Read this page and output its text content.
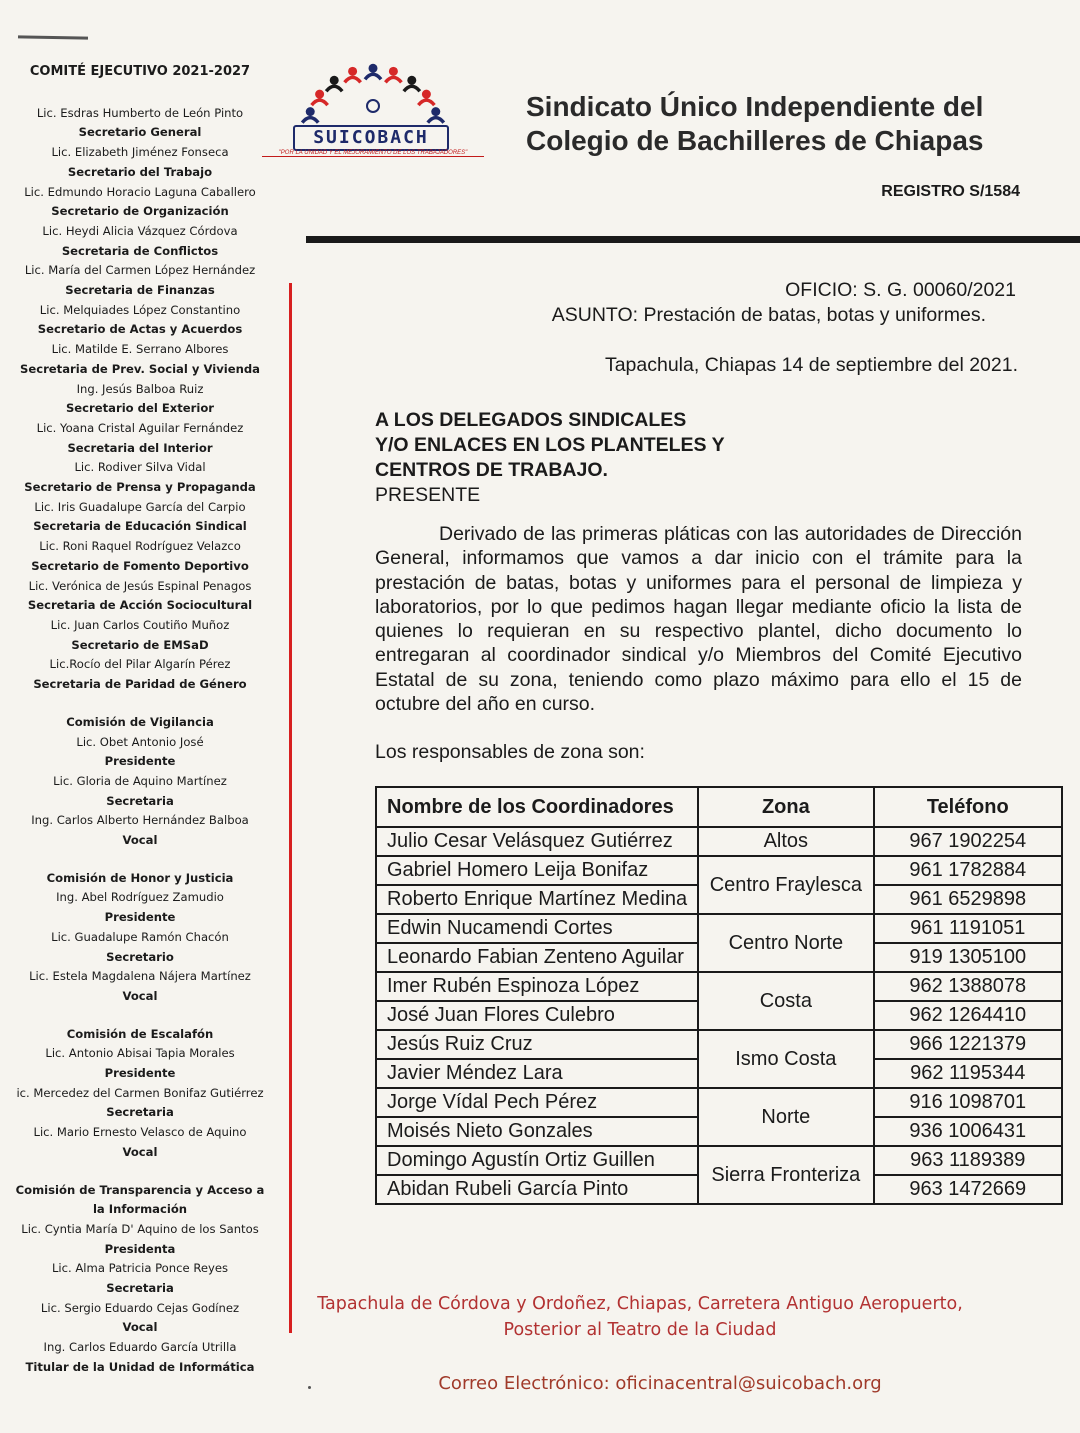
COMITÉ EJECUTIVO 2021-2027
Lic. Esdras Humberto de León Pinto
Secretario General
Lic. Elizabeth Jiménez Fonseca
Secretario del Trabajo
Lic. Edmundo Horacio Laguna Caballero
Secretario de Organización
Lic. Heydi Alicia Vázquez Córdova
Secretaria de Conflictos
Lic. María del Carmen López Hernández
Secretaria de Finanzas
Lic. Melquiades López Constantino
Secretario de Actas y Acuerdos
Lic. Matilde E. Serrano Albores
Secretaria de Prev. Social y Vivienda
Ing. Jesús Balboa Ruiz
Secretario del Exterior
Lic. Yoana Cristal Aguilar Fernández
Secretaria del Interior
Lic. Rodiver Silva Vidal
Secretario de Prensa y Propaganda
Lic. Iris Guadalupe García del Carpio
Secretaria de Educación Sindical
Lic. Roni Raquel Rodríguez Velazco
Secretario de Fomento Deportivo
Lic. Verónica de Jesús Espinal Penagos
Secretaria de Acción Sociocultural
Lic. Juan Carlos Coutiño Muñoz
Secretario de EMSaD
Lic.Rocío del Pilar Algarín Pérez
Secretaria de Paridad de Género
Comisión de Vigilancia
Lic. Obet Antonio José
Presidente
Lic. Gloria de Aquino Martínez
Secretaria
Ing. Carlos Alberto Hernández Balboa
Vocal
Comisión de Honor y Justicia
Ing. Abel Rodríguez Zamudio
Presidente
Lic. Guadalupe Ramón Chacón
Secretario
Lic. Estela Magdalena Nájera Martínez
Vocal
Comisión de Escalafón
Lic. Antonio Abisai Tapia Morales
Presidente
ic. Mercedez del Carmen Bonifaz Gutiérrez
Secretaria
Lic. Mario Ernesto Velasco de Aquino
Vocal
Comisión de Transparencia y Acceso a la Información
Lic. Cyntia María D' Aquino de los Santos
Presidenta
Lic. Alma Patricia Ponce Reyes
Secretaria
Lic. Sergio Eduardo Cejas Godínez
Vocal
Ing. Carlos Eduardo García Utrilla
Titular de la Unidad de Informática
SUICOBACH
"POR LA UNIDAD Y EL MEJORAMIENTO DE LOS TRABAJADORES"
Sindicato Único Independiente del
Colegio de Bachilleres de Chiapas
REGISTRO S/1584
OFICIO: S. G. 00060/2021
ASUNTO: Prestación de batas, botas y uniformes.
Tapachula, Chiapas 14 de septiembre del 2021.
A LOS DELEGADOS SINDICALES
Y/O ENLACES EN LOS PLANTELES Y
CENTROS DE TRABAJO.
PRESENTE
Derivado de las primeras pláticas con las autoridades de Dirección General, informamos que vamos a dar inicio con el trámite para la prestación de batas, botas y uniformes para el personal de limpieza y laboratorios, por lo que pedimos hagan llegar mediante oficio la lista de quienes lo requieran en su respectivo plantel, dicho documento lo entregaran al coordinador sindical y/o Miembros del Comité Ejecutivo Estatal de su zona, teniendo como plazo máximo para ello el 15 de octubre del año en curso.
Los responsables de zona son:
Nombre de los Coordinadores	Zona	Teléfono
Julio Cesar Velásquez Gutiérrez	Altos	967 1902254
Gabriel Homero Leija Bonifaz	Centro Fraylesca	961 1782884
Roberto Enrique Martínez Medina		961 6529898
Edwin Nucamendi Cortes	Centro Norte	961 1191051
Leonardo Fabian Zenteno Aguilar		919 1305100
Imer Rubén Espinoza López	Costa	962 1388078
José Juan Flores Culebro		962 1264410
Jesús Ruiz Cruz	Ismo Costa	966 1221379
Javier Méndez Lara		962 1195344
Jorge Vídal Pech Pérez	Norte	916 1098701
Moisés Nieto Gonzales		936 1006431
Domingo Agustín Ortiz Guillen	Sierra Fronteriza	963 1189389
Abidan Rubeli García Pinto		963 1472669
Tapachula de Córdova y Ordoñez, Chiapas, Carretera Antiguo Aeropuerto,
Posterior al Teatro de la Ciudad
Correo Electrónico: oficinacentral@suicobach.org
